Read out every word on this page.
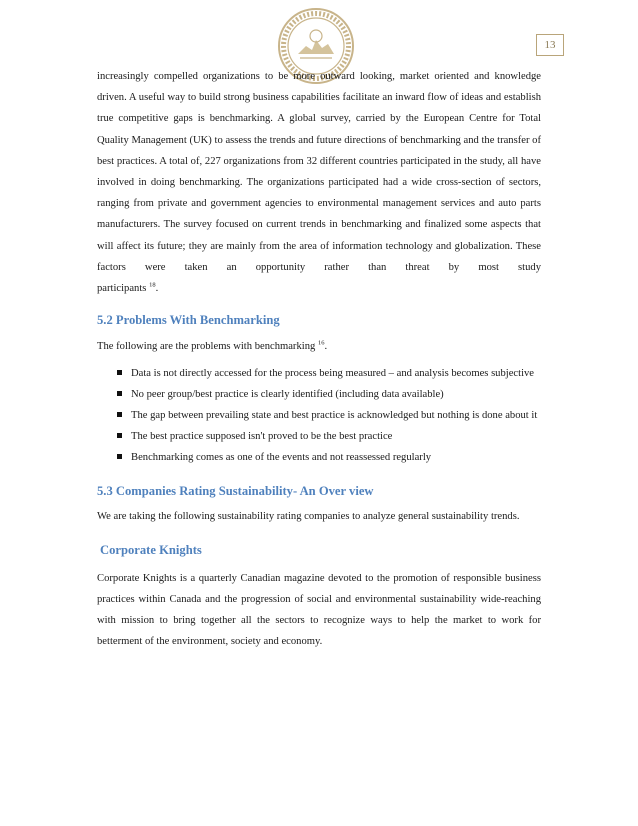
13

increasingly compelled organizations to be more outward looking, market oriented and knowledge driven. A useful way to build strong business capabilities facilitate an inward flow of ideas and establish true competitive gaps is benchmarking. A global survey, carried by the European Centre for Total Quality Management (UK) to assess the trends and future directions of benchmarking and the transfer of best practices. A total of, 227 organizations from 32 different countries participated in the study, all have involved in doing benchmarking. The organizations participated had a wide cross-section of sectors, ranging from private and government agencies to environmental management services and auto parts manufacturers. The survey focused on current trends in benchmarking and finalized some aspects that will affect its future; they are mainly from the area of information technology and globalization. These factors were taken an opportunity rather than threat by most study

participants $^{18}$.

5.2 Problems With Benchmarking

The following are the problems with benchmarking $^{16}$.

Data is not directly accessed for the process being measured – and analysis becomes subjective
No peer group/best practice is clearly identified (including data available)
The gap between prevailing state and best practice is acknowledged but nothing is done about it
The best practice supposed isn't proved to be the best practice
Benchmarking comes as one of the events and not reassessed regularly
5.3 Companies Rating Sustainability- An Over view

We are taking the following sustainability rating companies to analyze general sustainability trends.

Corporate Knights

Corporate Knights is a quarterly Canadian magazine devoted to the promotion of responsible business practices within Canada and the progression of social and environmental sustainability wide-reaching with mission to bring together all the sectors to recognize ways to help the market to work for betterment of the environment, society and economy.
